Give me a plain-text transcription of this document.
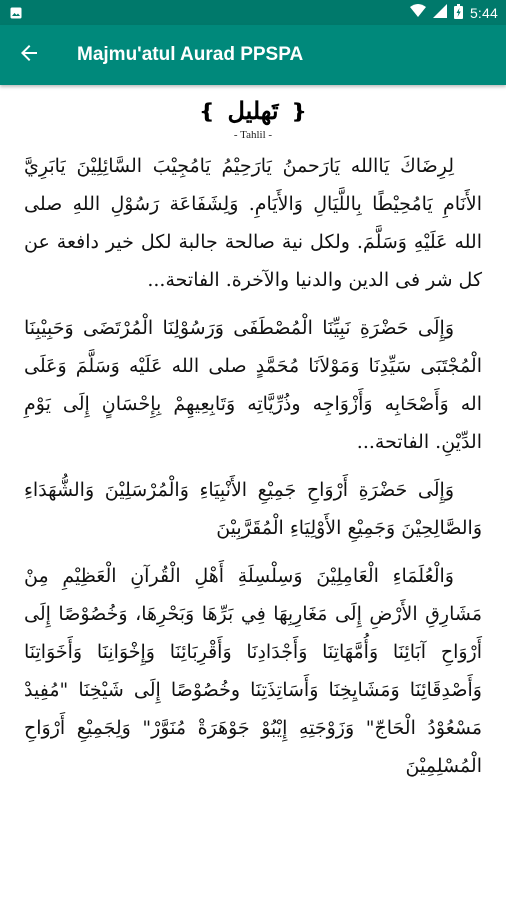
5:44
Majmu'atul Aurad PPSPA
❵
تَهليل
❴
- Tahlil -

لِرِضَاكَ يَاالله يَارَحمنُ يَارَحِيْمُ يَامُجِيْبَ السَّائِلِيْنَ يَابَرِيَّ الأَنَامِ يَامُحِيْطًا بِاللَّيَالِ وَالأَيَامِ. وَلِشَفَاعَة رَسُوْلِ اللهِ صلى الله عَلَيْهِ وَسَلَّمَ. ولكل نية صالحة جالبة لكل خير دافعة عن كل شر فى الدين والدنيا والآخرة. الفاتحة...

وَإِلَى حَضْرَةِ نَبِيِّنَا الْمُصْطَفَى وَرَسُوْلِنَا الْمُرْتَضَى وَحَبِيْبِنَا الْمُجْتَبَى سَيِّدِنَا وَمَوْلاَنَا مُحَمَّدٍ صلى الله عَلَيْه وَسَلَّمَ وَعَلَى اله وَأَصْحَابِه وَأَزْوَاجِه وذُرِّيَّاتِه وَتَابِعِيهِمْ بِإِحْسَانٍ إِلَى يَوْمِ الدِّيْنِ. الفاتحة...

وَإِلَى حَضْرَةِ أَرْوَاحِ جَمِيْعِ الأَنْبِيَاءِ وَالْمُرْسَلِيْنَ وَالشُّهَدَاءِ وَالصَّالِحِيْنَ وَجَمِيْعِ الأَوْلِيَاءِ الْمُقَرَّبِيْنَ

وَالْعُلَمَاءِ الْعَامِلِيْنَ وَسِلْسِلَةِ أَهْلِ الْقُرآنِ الْعَظِيْمِ مِنْ مَشَارِقِ الأَرْضِ إِلَى مَغَارِبِهَا فِي بَرِّهَا وَبَحْرِهَا، وَخُصُوْصًا إِلَى أَرْوَاحِ آبَائِنَا وَأُمَّهَاتِنَا وَأَجْدَادِنَا وَأَقْرِبَائِنَا وَإِخْوَانِنَا وَأَخَوَاتِنَا وَأَصْدِقَائِنَا وَمَشَايِخِنَا وَأَسَاتِذَتِنَا وخُصُوْصًا إِلَى شَيْخِنَا "مُفِيدْ مَسْعُوْدُ الْحَاجّ" وَزَوْجَتِهِ إِيْبُوْ جَوْهَرَةْ مُنَوَّرْ" وَلِجَمِيْعِ أَرْوَاحِ الْمُسْلِمِيْنَ
